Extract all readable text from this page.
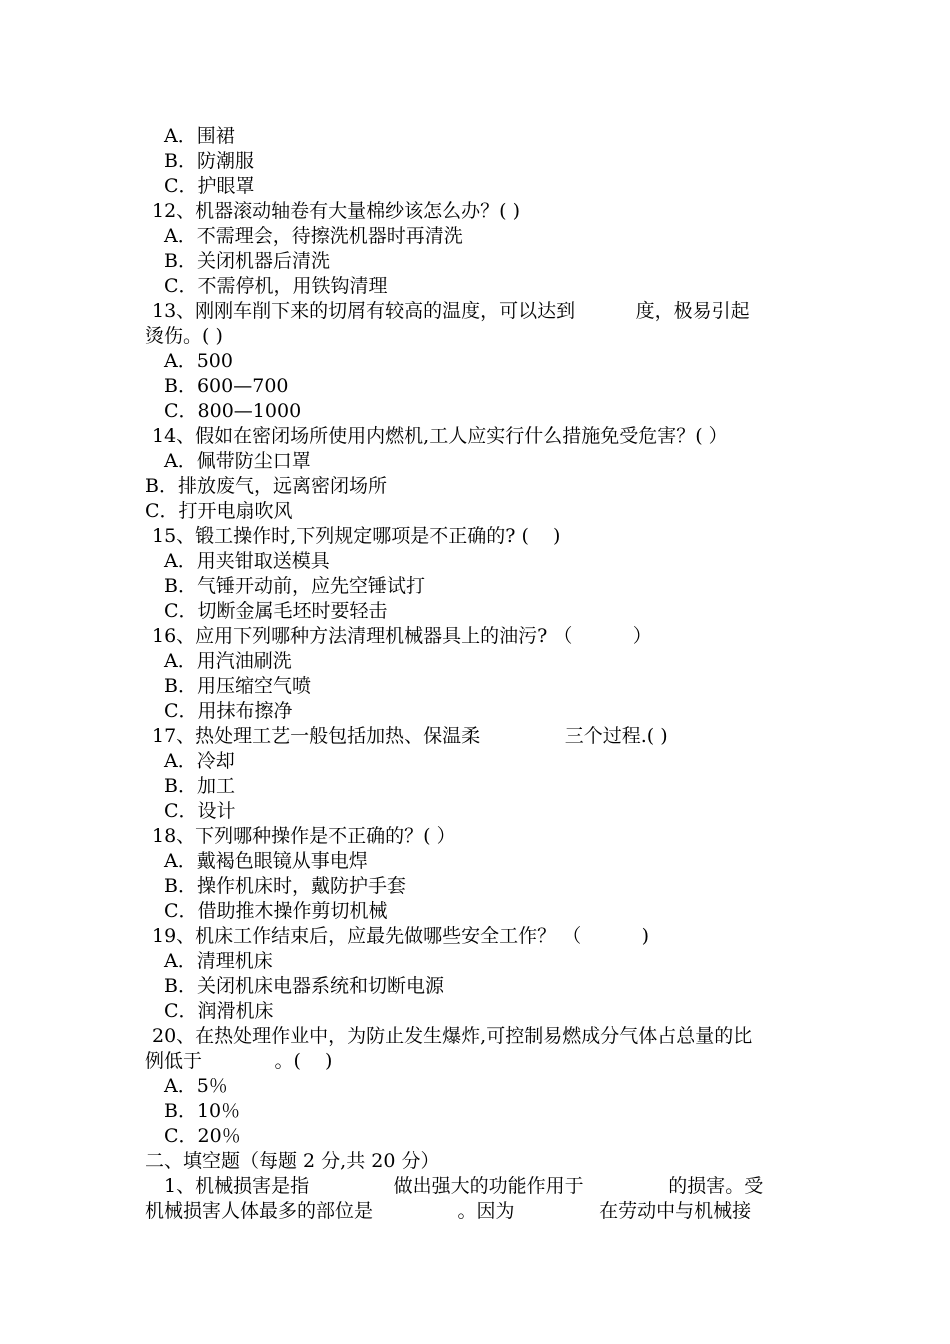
A．围裙

B．防潮服

C．护眼罩

12、机器滚动轴卷有大量棉纱该怎么办？( )

A．不需理会，待擦洗机器时再清洗

B．关闭机器后清洗

C．不需停机，用铁钩清理

13、刚刚车削下来的切屑有较高的温度，可以达到          度，极易引起

烫伤。( )

A．500

B．600—700

C．800—1000

14、假如在密闭场所使用内燃机,工人应实行什么措施免受危害？( ）

A．佩带防尘口罩

B．排放废气，远离密闭场所

C．打开电扇吹风

15、锻工操作时,下列规定哪项是不正确的? (    )

A．用夹钳取送模具

B．气锤开动前，应先空锤试打

C．切断金属毛坯时要轻击

16、应用下列哪种方法清理机械器具上的油污? （          ）

A．用汽油刷洗

B．用压缩空气喷

C．用抹布擦净

17、热处理工艺一般包括加热、保温柔              三个过程.( )

A．冷却

B．加工

C．设计

18、下列哪种操作是不正确的？( ）

A．戴褐色眼镜从事电焊

B．操作机床时，戴防护手套

C．借助推木操作剪切机械

19、机床工作结束后，应最先做哪些安全工作？ （          )

A．清理机床

B．关闭机床电器系统和切断电源

C．润滑机床

20、在热处理作业中，为防止发生爆炸,可控制易燃成分气体占总量的比

例低于            。(    )

A．5％

B．10％

C．20％

二、填空题（每题 2 分,共 20 分）

1、机械损害是指              做出强大的功能作用于              的损害。受

机械损害人体最多的部位是              。因为              在劳动中与机械接
